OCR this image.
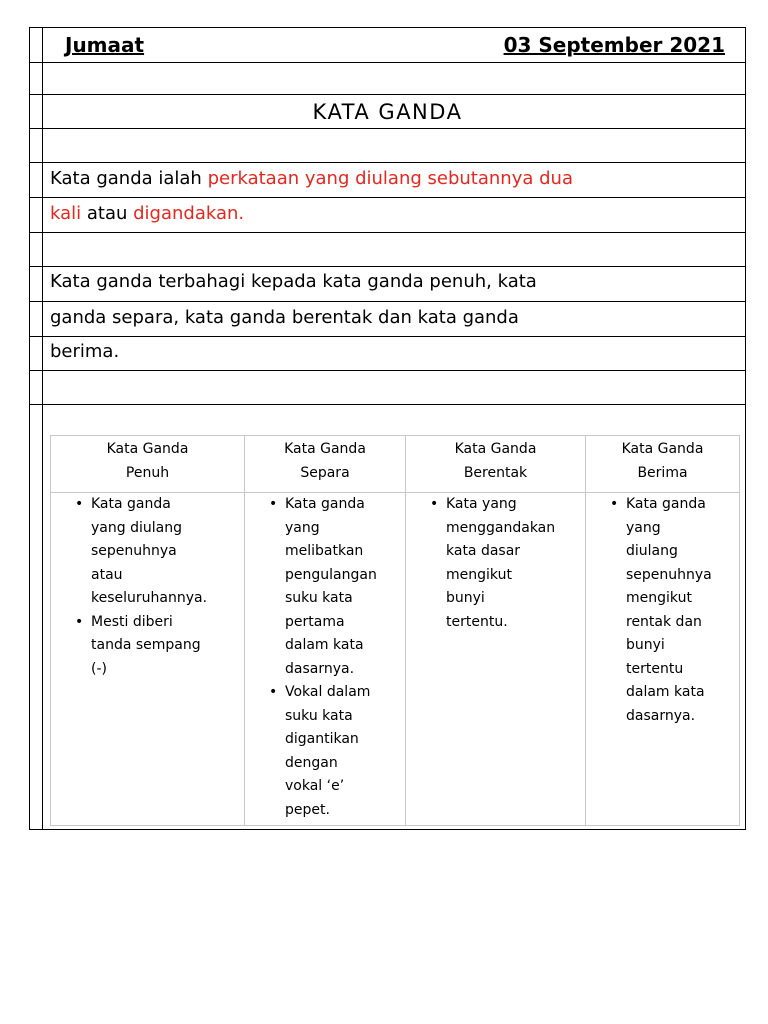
Jumaat	03 September 2021
KATA GANDA
Kata ganda ialah perkataan yang diulang sebutannya dua
kali atau digandakan.
Kata ganda terbahagi kepada kata ganda penuh, kata
ganda separa, kata ganda berentak dan kata ganda
berima.
Kata Ganda
Penuh
• Kata ganda
yang diulang
sepenuhnya
atau
keseluruhannya.
• Mesti diberi
tanda sempang
(-)
Kata Ganda
Separa
• Kata ganda
yang
melibatkan
pengulangan
suku kata
pertama
dalam kata
dasarnya.
• Vokal dalam
suku kata
digantikan
dengan
vokal ‘e’
pepet.
Kata Ganda
Berentak
• Kata yang
menggandakan
kata dasar
mengikut
bunyi
tertentu.
Kata Ganda
Berima
• Kata ganda
yang
diulang
sepenuhnya
mengikut
rentak dan
bunyi
tertentu
dalam kata
dasarnya.
